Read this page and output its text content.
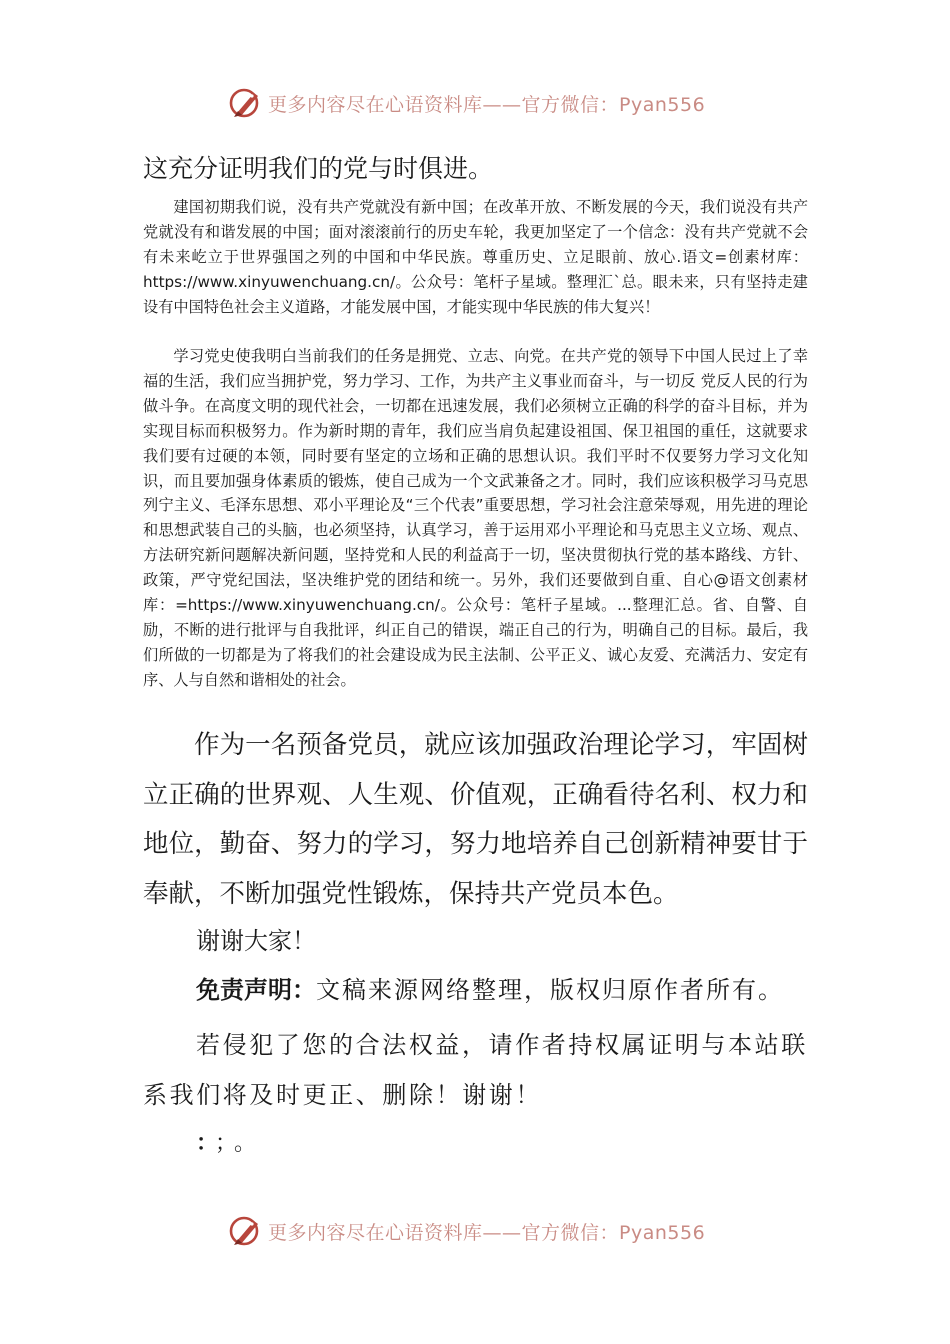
更多内容尽在心语资料库——官方微信：Pyan556

这充分证明我们的党与时俱进。

建国初期我们说，没有共产党就没有新中国；在改革开放、不断发展的今天，我们说没有共产党就没有和谐发展的中国；面对滚滚前行的历史车轮，我更加坚定了一个信念：没有共产党就不会有未来屹立于世界强国之列的中国和中华民族。尊重历史、立足眼前、放心.语文=创素材库：https://www.xinyuwenchuang.cn/。公众号：笔杆子星域。整理汇`总。眼未来，只有坚持走建设有中国特色社会主义道路，才能发展中国，才能实现中华民族的伟大复兴！

学习党史使我明白当前我们的任务是拥党、立志、向党。在共产党的领导下中国人民过上了幸福的生活，我们应当拥护党，努力学习、工作，为共产主义事业而奋斗，与一切反 党反人民的行为做斗争。在高度文明的现代社会，一切都在迅速发展，我们必须树立正确的科学的奋斗目标，并为实现目标而积极努力。作为新时期的青年，我们应当肩负起建设祖国、保卫祖国的重任，这就要求我们要有过硬的本领，同时要有坚定的立场和正确的思想认识。我们平时不仅要努力学习文化知识，而且要加强身体素质的锻炼，使自己成为一个文武兼备之才。同时，我们应该积极学习马克思列宁主义、毛泽东思想、邓小平理论及“三个代表”重要思想，学习社会注意荣辱观，用先进的理论和思想武装自己的头脑，也必须坚持，认真学习，善于运用邓小平理论和马克思主义立场、观点、方法研究新问题解决新问题，坚持党和人民的利益高于一切，坚决贯彻执行党的基本路线、方针、政策，严守党纪国法，坚决维护党的团结和统一。另外，我们还要做到自重、自心@语文创素材库：=https://www.xinyuwenchuang.cn/。公众号：笔杆子星域。...整理汇总。省、自警、自励，不断的进行批评与自我批评，纠正自己的错误，端正自己的行为，明确自己的目标。最后，我们所做的一切都是为了将我们的社会建设成为民主法制、公平正义、诚心友爱、充满活力、安定有序、人与自然和谐相处的社会。

作为一名预备党员，就应该加强政治理论学习，牢固树立正确的世界观、人生观、价值观，正确看待名利、权力和地位，勤奋、努力的学习，努力地培养自己创新精神要甘于奉献，不断加强党性锻炼，保持共产党员本色。

谢谢大家！

免责声明：文稿来源网络整理，版权归原作者所有。

若侵犯了您的合法权益，请作者持权属证明与本站联系我们将及时更正、删除！谢谢！

：；。

更多内容尽在心语资料库——官方微信：Pyan556
